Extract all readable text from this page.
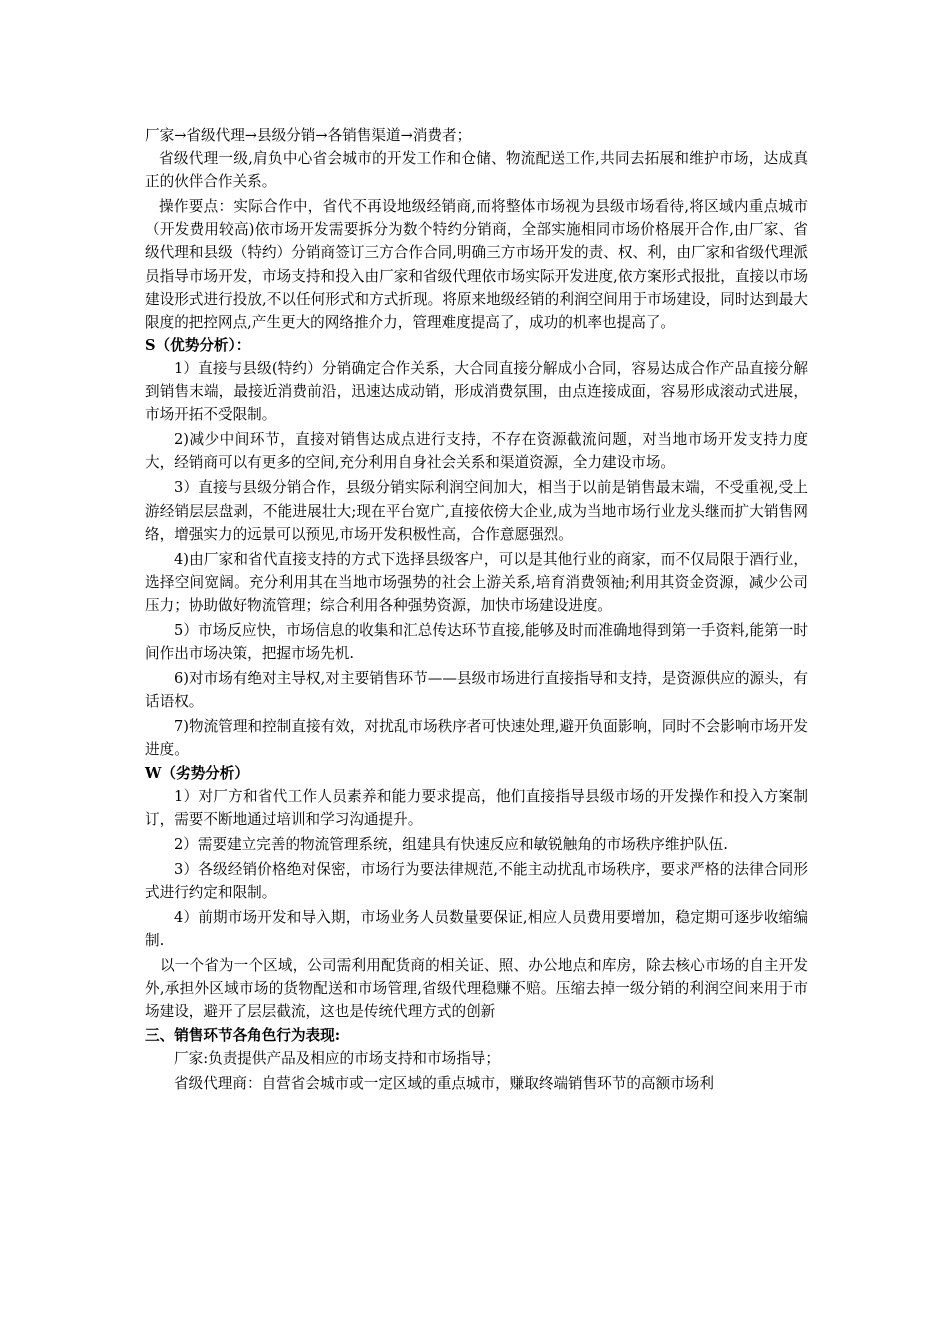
厂家→省级代理→县级分销→各销售渠道→消费者；

省级代理一级,肩负中心省会城市的开发工作和仓储、物流配送工作,共同去拓展和维护市场，达成真正的伙伴合作关系。

操作要点：实际合作中，省代不再设地级经销商,而将整体市场视为县级市场看待,将区域内重点城市（开发费用较高)依市场开发需要拆分为数个特约分销商，全部实施相同市场价格展开合作,由厂家、省级代理和县级（特约）分销商签订三方合作合同,明确三方市场开发的责、权、利，由厂家和省级代理派员指导市场开发，市场支持和投入由厂家和省级代理依市场实际开发进度,依方案形式报批，直接以市场建设形式进行投放,不以任何形式和方式折现。将原来地级经销的利润空间用于市场建设，同时达到最大限度的把控网点,产生更大的网络推介力，管理难度提高了，成功的机率也提高了。

S（优势分析）：

1）直接与县级(特约）分销确定合作关系，大合同直接分解成小合同，容易达成合作产品直接分解到销售末端，最接近消费前沿，迅速达成动销，形成消费氛围，由点连接成面，容易形成滚动式进展，市场开拓不受限制。

2)减少中间环节，直接对销售达成点进行支持，不存在资源截流问题，对当地市场开发支持力度大，经销商可以有更多的空间,充分利用自身社会关系和渠道资源，全力建设市场。

3）直接与县级分销合作，县级分销实际利润空间加大，相当于以前是销售最末端，不受重视,受上游经销层层盘剥，不能进展壮大;现在平台宽广,直接依傍大企业,成为当地市场行业龙头继而扩大销售网络，增强实力的远景可以预见,市场开发积极性高，合作意愿强烈。

4)由厂家和省代直接支持的方式下选择县级客户，可以是其他行业的商家，而不仅局限于酒行业，选择空间宽阔。充分利用其在当地市场强势的社会上游关系,培育消费领袖;利用其资金资源，减少公司压力；协助做好物流管理；综合利用各种强势资源，加快市场建设进度。

5）市场反应快，市场信息的收集和汇总传达环节直接,能够及时而准确地得到第一手资料,能第一时间作出市场决策，把握市场先机.

6)对市场有绝对主导权,对主要销售环节——县级市场进行直接指导和支持，是资源供应的源头，有话语权。

7)物流管理和控制直接有效，对扰乱市场秩序者可快速处理,避开负面影响，同时不会影响市场开发进度。

W（劣势分析）

1）对厂方和省代工作人员素养和能力要求提高，他们直接指导县级市场的开发操作和投入方案制订，需要不断地通过培训和学习沟通提升。

2）需要建立完善的物流管理系统，组建具有快速反应和敏锐触角的市场秩序维护队伍.

3）各级经销价格绝对保密，市场行为要法律规范,不能主动扰乱市场秩序，要求严格的法律合同形式进行约定和限制。

4）前期市场开发和导入期，市场业务人员数量要保证,相应人员费用要增加，稳定期可逐步收缩编制.

以一个省为一个区域，公司需利用配货商的相关证、照、办公地点和库房，除去核心市场的自主开发外,承担外区域市场的货物配送和市场管理,省级代理稳赚不赔。压缩去掉一级分销的利润空间来用于市场建设，避开了层层截流，这也是传统代理方式的创新

三、销售环节各角色行为表现:

厂家:负责提供产品及相应的市场支持和市场指导；

省级代理商：自营省会城市或一定区域的重点城市，赚取终端销售环节的高额市场利
